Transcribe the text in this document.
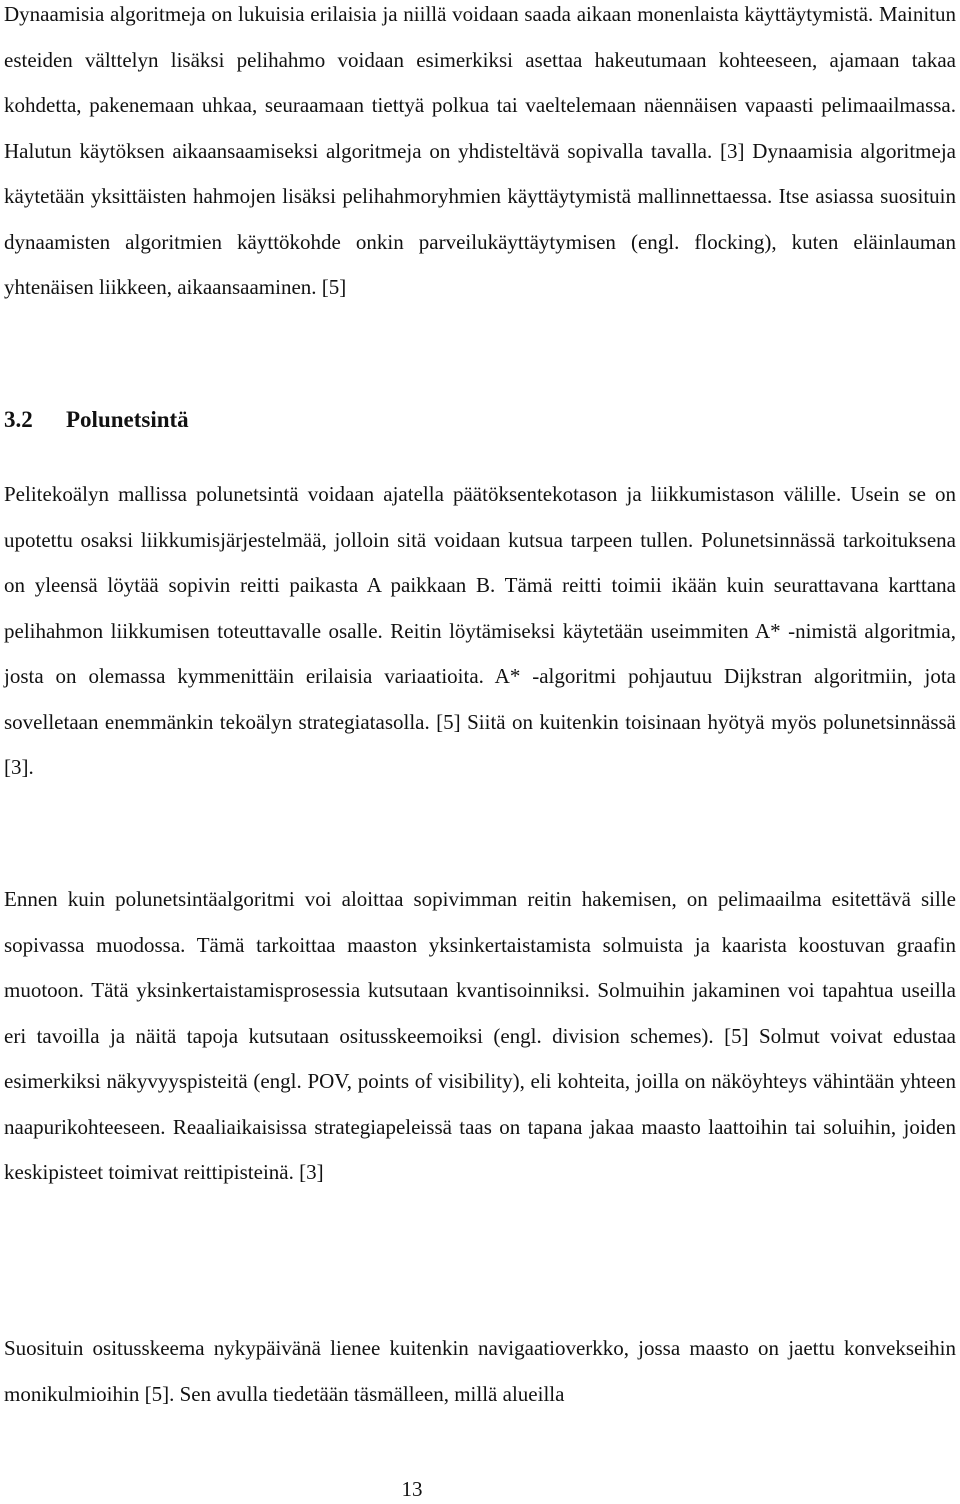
Dynaamisia algoritmeja on lukuisia erilaisia ja niillä voidaan saada aikaan monenlaista käyttäytymistä. Mainitun esteiden välttelyn lisäksi pelihahmo voidaan esimerkiksi asettaa hakeutumaan kohteeseen, ajamaan takaa kohdetta, pakenemaan uhkaa, seuraamaan tiettyä polkua tai vaeltelemaan näennäisen vapaasti pelimaailmassa. Halutun käytöksen aikaansaamiseksi algoritmeja on yhdisteltävä sopivalla tavalla. [3] Dynaamisia algoritmeja käytetään yksittäisten hahmojen lisäksi pelihahmoryhmien käyttäytymistä mallinnettaessa. Itse asiassa suosituin dynaamisten algoritmien käyttökohde onkin parveilukäyttäytymisen (engl. flocking), kuten eläinlauman yhtenäisen liikkeen, aikaansaaminen. [5]

3.2 Polunetsintä

Pelitekoälyn mallissa polunetsintä voidaan ajatella päätöksentekotason ja liikkumistason välille. Usein se on upotettu osaksi liikkumisjärjestelmää, jolloin sitä voidaan kutsua tarpeen tullen. Polunetsinnässä tarkoituksena on yleensä löytää sopivin reitti paikasta A paikkaan B. Tämä reitti toimii ikään kuin seurattavana karttana pelihahmon liikkumisen toteuttavalle osalle. Reitin löytämiseksi käytetään useimmiten A* -nimistä algoritmia, josta on olemassa kymmenittäin erilaisia variaatioita. A* -algoritmi pohjautuu Dijkstran algoritmiin, jota sovelletaan enemmänkin tekoälyn strategiatasolla. [5] Siitä on kuitenkin toisinaan hyötyä myös polunetsinnässä [3].

Ennen kuin polunetsintäalgoritmi voi aloittaa sopivimman reitin hakemisen, on pelimaailma esitettävä sille sopivassa muodossa. Tämä tarkoittaa maaston yksinkertaistamista solmuista ja kaarista koostuvan graafin muotoon. Tätä yksinkertaistamisprosessia kutsutaan kvantisoinniksi. Solmuihin jakaminen voi tapahtua useilla eri tavoilla ja näitä tapoja kutsutaan ositusskeemoiksi (engl. division schemes). [5] Solmut voivat edustaa esimerkiksi näkyvyyspisteitä (engl. POV, points of visibility), eli kohteita, joilla on näköyhteys vähintään yhteen naapurikohteeseen. Reaaliaikaisissa strategiapeleissä taas on tapana jakaa maasto laattoihin tai soluihin, joiden keskipisteet toimivat reittipisteinä. [3]

Suosituin ositusskeema nykypäivänä lienee kuitenkin navigaatioverkko, jossa maasto on jaettu konvekseihin monikulmioihin [5]. Sen avulla tiedetään täsmälleen, millä alueilla

13
